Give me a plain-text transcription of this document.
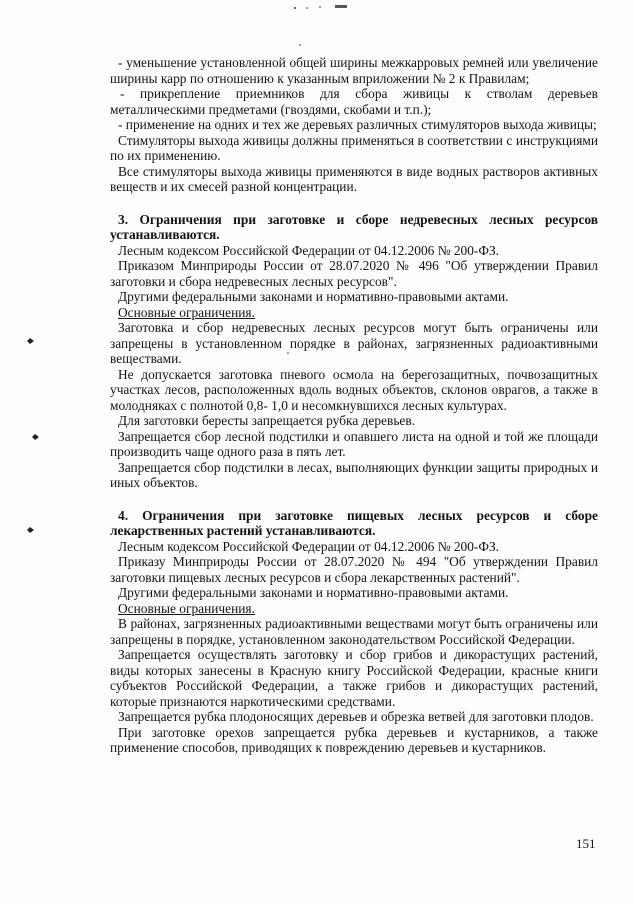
- уменьшение установленной общей ширины межкарровых ремней или увеличение ширины карр по отношению к указанным вприложении № 2 к Правилам;

- прикрепление приемников для сбора живицы к стволам деревьев металлическими предметами (гвоздями, скобами и т.п.);

- применение на одних и тех же деревьях различных стимуляторов выхода живицы;

Стимуляторы выхода живицы должны применяться в соответствии с инструкциями по их применению.

Все стимуляторы выхода живицы применяются в виде водных растворов активных веществ и их смесей разной концентрации.

3. Ограничения при заготовке и сборе недревесных лесных ресурсов устанавливаются.

Лесным кодексом Российской Федерации от 04.12.2006 № 200-ФЗ.

Приказом Минприроды России от 28.07.2020 № 496 "Об утверждении Правил заготовки и сбора недревесных лесных ресурсов".

Другими федеральными законами и нормативно-правовыми актами.

Основные ограничения.

Заготовка и сбор недревесных лесных ресурсов могут быть ограничены или запрещены в установленном порядке в районах, загрязненных радиоактивными веществами.

Не допускается заготовка пневого осмола на берегозащитных, почвозащитных участках лесов, расположенных вдоль водных объектов, склонов оврагов, а также в молодняках с полнотой 0,8- 1,0 и несомкнувшихся лесных культурах.

Для заготовки бересты запрещается рубка деревьев.

Запрещается сбор лесной подстилки и опавшего листа на одной и той же площади производить чаще одного раза в пять лет.

Запрещается сбор подстилки в лесах, выполняющих функции защиты природных и иных объектов.

4. Ограничения при заготовке пищевых лесных ресурсов и сборе лекарственных растений устанавливаются.

Лесным кодексом Российской Федерации от 04.12.2006 № 200-ФЗ.

Приказу Минприроды России от 28.07.2020 № 494 "Об утверждении Правил заготовки пищевых лесных ресурсов и сбора лекарственных растений".

Другими федеральными законами и нормативно-правовыми актами.

Основные ограничения.

В районах, загрязненных радиоактивными веществами могут быть ограничены или запрещены в порядке, установленном законодательством Российской Федерации.

Запрещается осуществлять заготовку и сбор грибов и дикорастущих растений, виды которых занесены в Красную книгу Российской Федерации, красные книги субъектов Российской Федерации, а также грибов и дикорастущих растений, которые признаются наркотическими средствами.

Запрещается рубка плодоносящих деревьев и обрезка ветвей для заготовки плодов.

При заготовке орехов запрещается рубка деревьев и кустарников, а также применение способов, приводящих к повреждению деревьев и кустарников.

151
